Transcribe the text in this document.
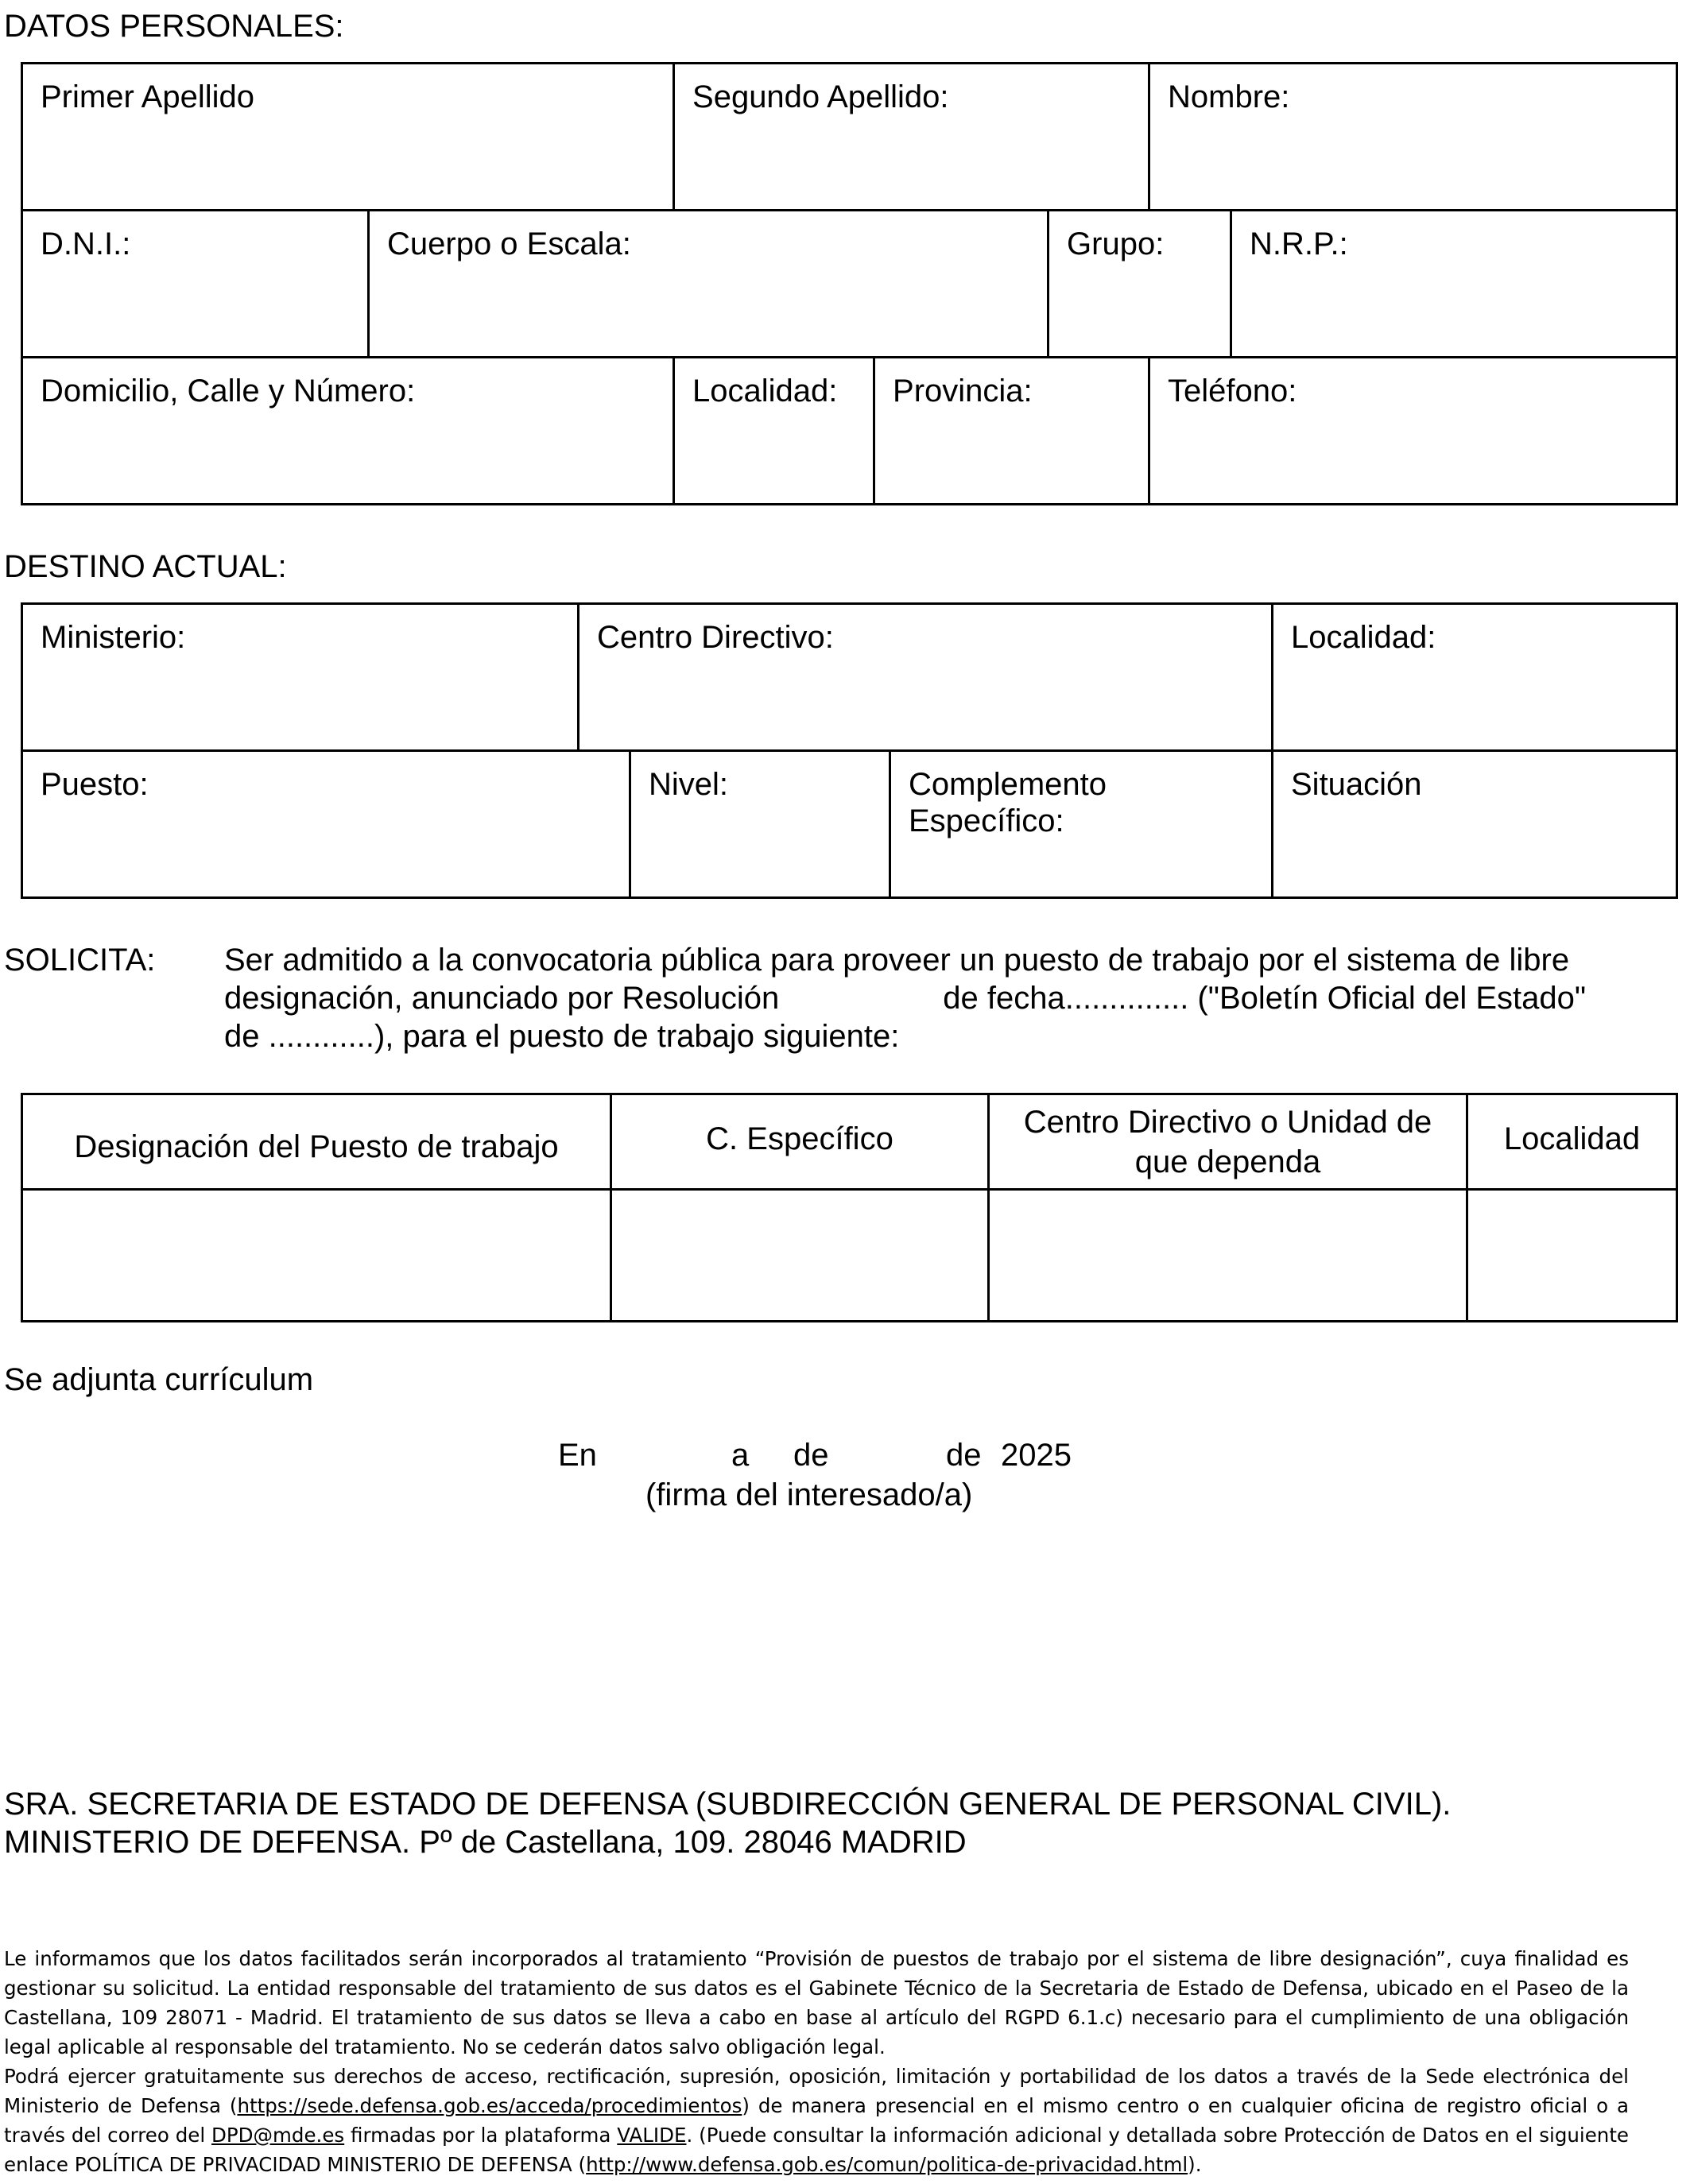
DATOS PERSONALES:
Primer Apellido		Segundo Apellido:			Nombre:	
D.N.I.:	Cuerpo o Escala:			Grupo:		N.R.P.:
Domicilio, Calle y Número:		Localidad:	Provincia:		Teléfono:	
DESTINO ACTUAL:
Ministerio:	Centro Directivo:			Localidad:
Puesto:		Nivel:	Complemento Específico:	Situación
SOLICITA: Ser admitido a la convocatoria pública para proveer un puesto de trabajo por el sistema de libre
designación, anunciado por Resolución	de fecha.............. ("Boletín Oficial del Estado"
de ............), para el puesto de trabajo siguiente:
Designación del Puesto de trabajo	C. Específico	Centro Directivo o Unidad de que dependa	Localidad

Se adjunta currículum
En	a de	de 2025
(firma del interesado/a)
SRA. SECRETARIA DE ESTADO DE DEFENSA (SUBDIRECCIÓN GENERAL DE PERSONAL CIVIL).
MINISTERIO DE DEFENSA. Pº de Castellana, 109. 28046 MADRID

Le informamos que los datos facilitados serán incorporados al tratamiento “Provisión de puestos de trabajo por el sistema de libre designación”, cuya finalidad es gestionar su solicitud. La entidad responsable del tratamiento de sus datos es el Gabinete Técnico de la Secretaria de Estado de Defensa, ubicado en el Paseo de la Castellana, 109 28071 - Madrid. El tratamiento de sus datos se lleva a cabo en base al artículo del RGPD 6.1.c) necesario para el cumplimiento de una obligación legal aplicable al responsable del tratamiento. No se cederán datos salvo obligación legal.

Podrá ejercer gratuitamente sus derechos de acceso, rectificación, supresión, oposición, limitación y portabilidad de los datos a través de la Sede electrónica del Ministerio de Defensa (https://sede.defensa.gob.es/acceda/procedimientos) de manera presencial en el mismo centro o en cualquier oficina de registro oficial o a través del correo del DPD@mde.es firmadas por la plataforma VALIDE. (Puede consultar la información adicional y detallada sobre Protección de Datos en el siguiente enlace POLÍTICA DE PRIVACIDAD MINISTERIO DE DEFENSA (http://www.defensa.gob.es/comun/politica-de-privacidad.html).
